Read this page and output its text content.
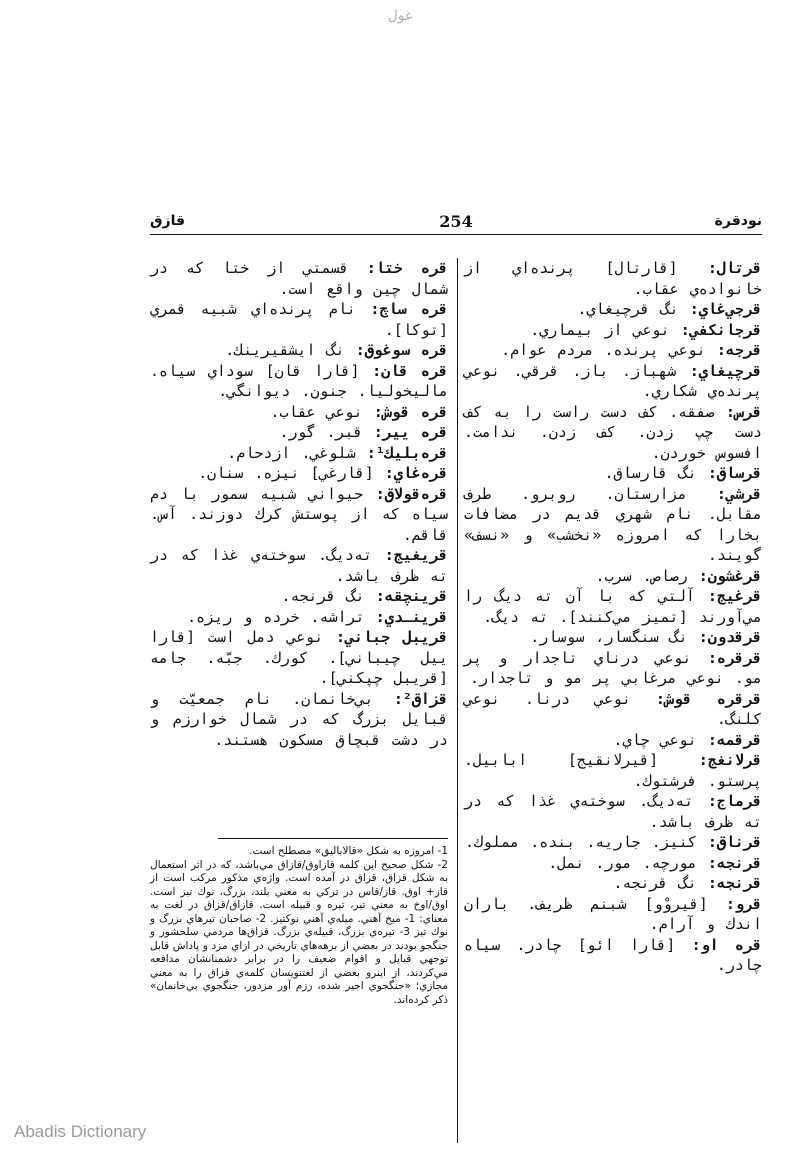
غول
قازق	254	نودقرة

قرتال: [قارتال] پرنده‌اي از خانواده‌ي عقاب.

قرجي‌غاي: نگ قرچيغاي.

قرجانكفي: نوعي از بيماري.

قرجه: نوعي پرنده. مردم عوام.

قرچيغاي: شهباز. باز. قرقي. نوعي پرنده‌ي شكاري.

قرس: صفقه. كف دست راست را به كف دست چپ زدن. كف زدن. ندامت. افسوس خوردن.

قرساق: نگ قارساق.

قرشي: مزارستان. روبرو. طرف مقابل. نام شهري قديم در مضافات بخارا كه امروزه «نخشب» و «نسف» گويند.

قرغشون: رصاص. سرب.

قرغيج: آلتي كه با آن ته ديگ را مي‌آورند [تميز مي‌كنند]. ته ديگ.

قرقدون: نگ سنگسار، سوسار.

قرقره: نوعي درناي تاجدار و پر مو. نوعي مرغابي پر مو و تاجدار.

قرقره قوش: نوعي درنا. نوعي كلنگ.

قرقمه: نوعي چاي.

قرلانغج: [قيرلانقيج] ابابيل. پرستو. فرشتوك.

قرماج: ته‌ديگ. سوخته‌ي غذا كه در ته ظرف باشد.

قرناق: كنيز. جاريه. بنده. مملوك.

قرنجه: مورچه. مور. نمل.

قرنجه: نگ قرنجه.

قرو: [قيروْو] شبنم ظريف. باران اندك و آرام.

قره او: [قارا ائو] چادر. سياه چادر.

قره ختا: قسمتي از ختا كه در شمال چين واقع است.

قره ساچ: نام پرنده‌اي شبيه قمري [توكا].

قره سوغوق: نگ ايشقيرينك.

قره قان: [قارا قان] سوداي سياه. ماليخوليا. جنون. ديوانگي.

قره قوش: نوعي عقاب.

قره يير: قبر. گور.

قره‌بليك¹: شلوغي. ازدحام.

قره‌غاي: [قارغي] نيزه. سنان.

قره‌قولاق: حيواني شبيه سمور با دم سياه كه از پوستش كرك دوزند. آس. قاقم.

قريغيج: ته‌ديگ. سوخته‌ي غذا كه در ته ظرف باشد.

قرينچقه: نگ قرنجه.

قرينـدي: تراشه. خرده و ريزه.

قريبل جباني: نوعي دمل است [قارا ييل چيباني]. كورك. جبّه. جامه [قريبل چپكني].

قزاق²: بي‌خانمان. نام جمعيّت و قبايل بزرگ كه در شمال خوارزم و در دشت قبچاق مسكون هستند.

1- امروزه به شكل «قالاباليق» مصطلح است.

2- شكل صحيح اين كلمه قازاوق/قازاق مي‌باشد، كه در اثر استعمال به شكل قزاق، قزاق در آمده است. واژه‌ي مذكور مركب است از قاز+ اوق. قاز/قاس در تركي به معني بلند، بزرگ، نوك تيز است. اوق/اوخ به معني تير، تيره و قبيله است. قازاق/قزاق در لغت به معناي: 1- ميخ آهني. ميله‌ي آهني نوكتيز. 2- صاحبان تيرهاي بزرگ و نوك تيز 3- تيره‌ي بزرگ، قبيله‌ي بزرگ. قزاق‌ها مردمي سلحشور و جنگجو بودند در بعضي از برهه‌هاي تاريخي در ازاي مزد و پاداش قابل توجهي قبايل و اقوام ضعيف را در برابر دشمنانشان مدافعه مي‌كردند، از اينرو بعضي از لغتنويسان كلمه‌ي قزاق را به معني مجازي؛ «جنگجوي اجير شده، رزم آور مزدور، جنگجوي بي‌خانمان» ذكر كرده‌اند.

Abadis Dictionary
